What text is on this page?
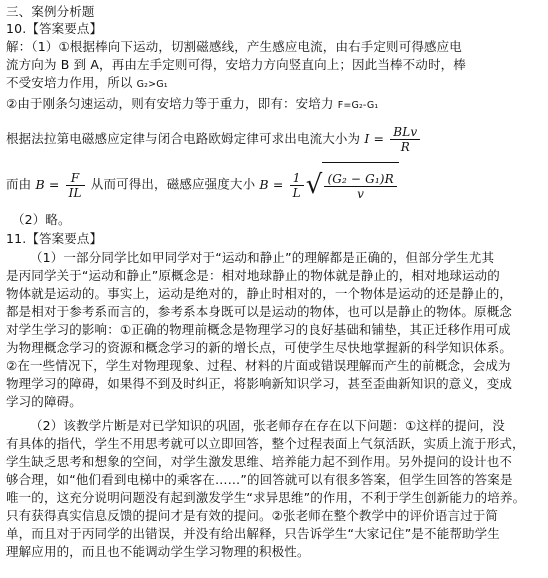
三、案例分析题
10.【答案要点】
解：（1）①根据棒向下运动，切割磁感线，产生感应电流，由右手定则可得感应电
流方向为 B 到 A，再由左手定则可得，安培力方向竖直向上；因此当棒不动时，棒
不受安培力作用，所以 G₂>G₁
②由于刚条匀速运动，则有安培力等于重力，即有：安培力 F=G₂-G₁
根据法拉第电磁感应定律与闭合电路欧姆定律可求出电流大小为 $I = \frac{\text{BLv}}{R}$
而由 $B = \frac{F}{IL}$ 从而可得出，磁感应强度大小 $B = \frac{1}{L}$ √ $\frac{\text{(G₂ − G₁)R}}{v}$
（2）略。
11.【答案要点】
（1）一部分同学比如甲同学对于“运动和静止”的理解都是正确的，但部分学生尤其
是丙同学关于“运动和静止”原概念是：相对地球静止的物体就是静止的，相对地球运动的
物体就是运动的。事实上，运动是绝对的，静止时相对的，一个物体是运动的还是静止的，
都是相对于参考系而言的，参考系本身既可以是运动的物体，也可以是静止的物体。原概念
对学生学习的影响：①正确的物理前概念是物理学习的良好基础和铺垫，其正迁移作用可成
为物理概念学习的资源和概念学习的新的增长点，可使学生尽快地掌握新的科学知识体系。
②在一些情况下，学生对物理现象、过程、材料的片面或错误理解而产生的前概念，会成为
物理学习的障碍，如果得不到及时纠正，将影响新知识学习，甚至歪曲新知识的意义，变成
学习的障碍。
（2）该教学片断是对已学知识的巩固，张老师存在存在以下问题：①这样的提问，没
有具体的指代，学生不用思考就可以立即回答，整个过程表面上气氛活跃，实质上流于形式，
学生缺乏思考和想象的空间，对学生激发思维、培养能力起不到作用。另外提问的设计也不
够合理，如“他们看到电梯中的乘客在……”的回答就可以有很多答案，但学生回答的答案是
唯一的，这充分说明问题没有起到激发学生“求异思维”的作用，不利于学生创新能力的培养。
只有获得真实信息反馈的提问才是有效的提问。②张老师在整个教学中的评价语言过于简
单，而且对于丙同学的出错误，并没有给出解释，只告诉学生“大家记住”是不能帮助学生
理解应用的，而且也不能调动学生学习物理的积极性。
